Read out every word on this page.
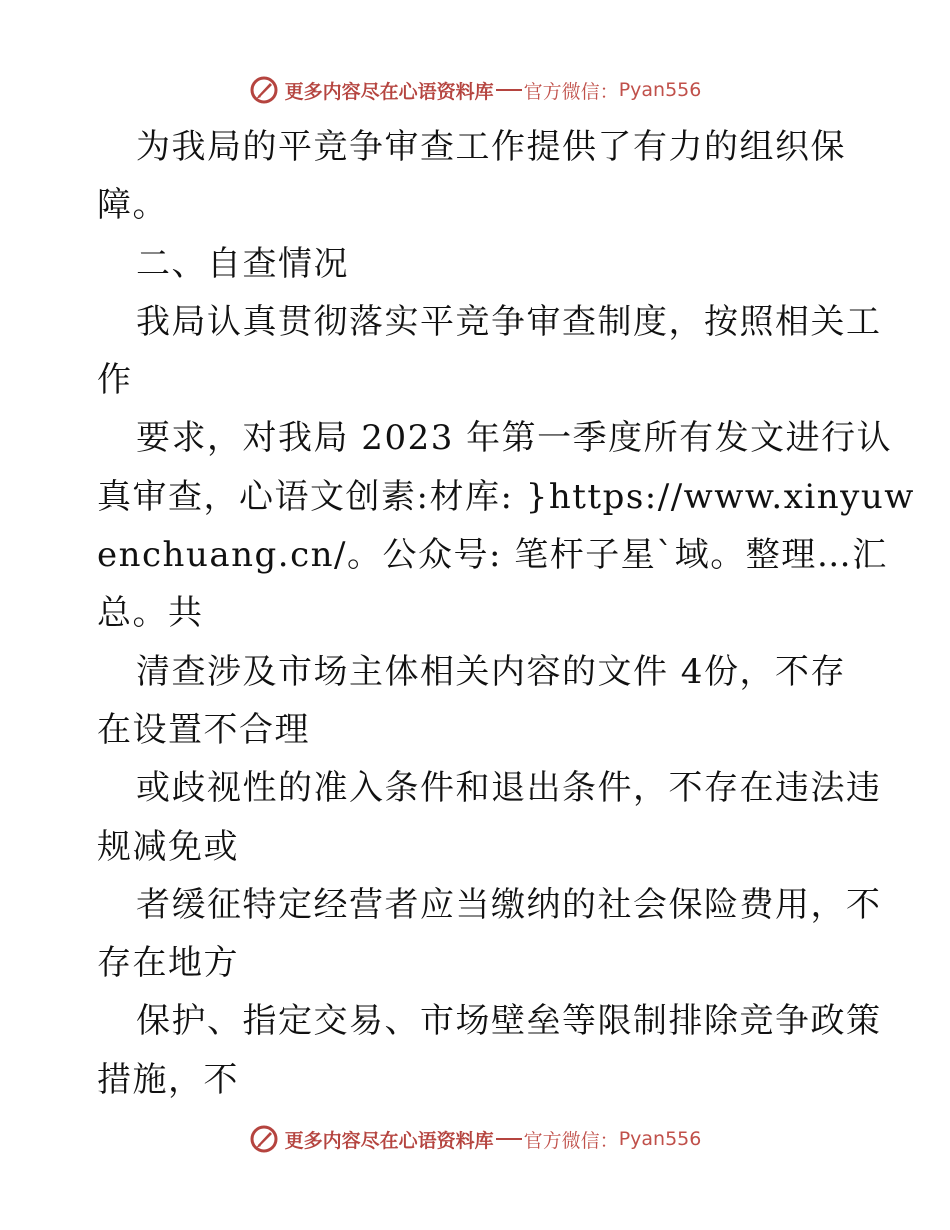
更多内容尽在心语资料库 官方微信： Pyan556
为我局的平竞争审查工作提供了有力的组织保
障。
二、自查情况
我局认真贯彻落实平竞争审查制度，按照相关工
作
要求，对我局 2023 年第一季度所有发文进行认
真审查，心语文创素:材库: }https://www.xinyuw
enchuang.cn/。公众号: 笔杆子星`域。整理…汇
总。共
清查涉及市场主体相关内容的文件 4份，不存
在设置不合理
或歧视性的准入条件和退出条件，不存在违法违
规减免或
者缓征特定经营者应当缴纳的社会保险费用，不
存在地方
保护、指定交易、市场壁垒等限制排除竞争政策
措施，不
更多内容尽在心语资料库 官方微信： Pyan556
